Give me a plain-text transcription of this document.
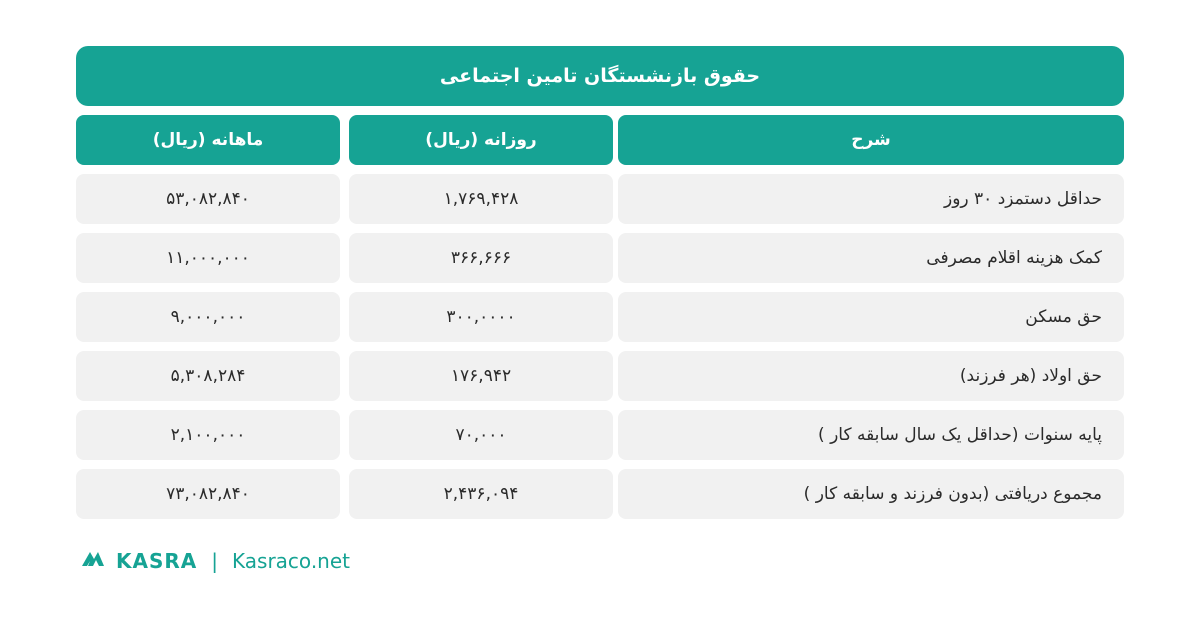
حقوق بازنشستگان تامین اجتماعی
شرح
روزانه (ریال)
ماهانه (ریال)
حداقل دستمزد ۳۰ روز
۱,۷۶۹,۴۲۸
۵۳,۰۸۲,۸۴۰
کمک هزینه اقلام مصرفی
۳۶۶,۶۶۶
۱۱,۰۰۰,۰۰۰
حق مسکن
۳۰۰,۰۰۰۰
۹,۰۰۰,۰۰۰
حق اولاد (هر فرزند)
۱۷۶,۹۴۲
۵,۳۰۸,۲۸۴
پایه سنوات (حداقل یک سال سابقه کار )
۷۰,۰۰۰
۲,۱۰۰,۰۰۰
مجموع دریافتی (بدون فرزند و سابقه کار )
۲,۴۳۶,۰۹۴
۷۳,۰۸۲,۸۴۰
KASRA | Kasraco.net
